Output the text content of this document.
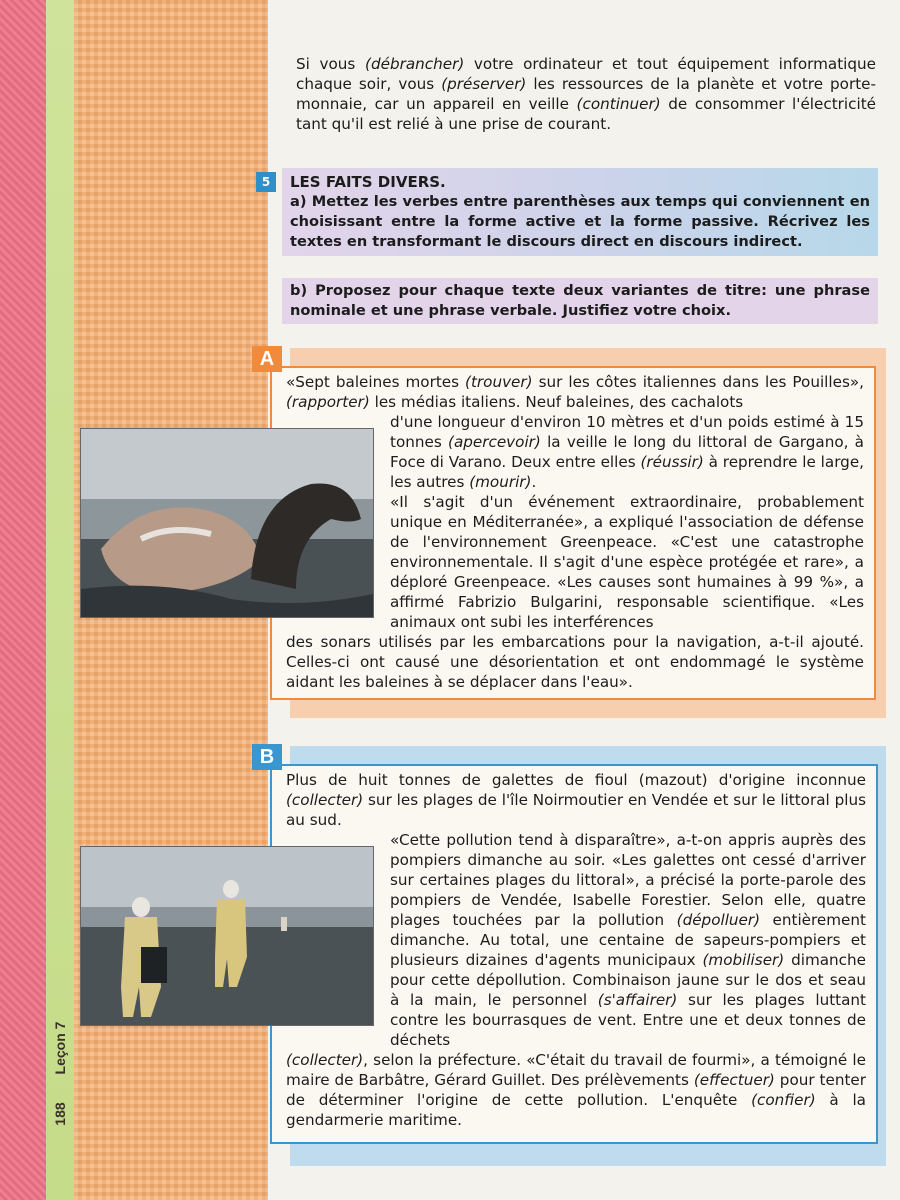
Leçon 7
188

Si vous (débrancher) votre ordinateur et tout équipement informatique chaque soir, vous (préserver) les ressources de la planète et votre porte-monnaie, car un appareil en veille (continuer) de consommer l'électricité tant qu'il est relié à une prise de courant.

5	LES FAITS DIVERS.
a) Mettez les verbes entre parenthèses aux temps qui conviennent en choisissant entre la forme active et la forme passive. Récrivez les textes en transformant le discours direct en discours indirect.
b) Proposez pour chaque texte deux variantes de titre: une phrase nominale et une phrase verbale. Justifiez votre choix.
«Sept baleines mortes (trouver) sur les côtes italiennes dans les Pouilles», (rapporter) les médias italiens. Neuf baleines, des cachalots
d'une longueur d'environ 10 mètres et d'un poids estimé à 15 tonnes (apercevoir) la veille le long du littoral de Gargano, à Foce di Varano. Deux entre elles (réussir) à reprendre le large, les autres (mourir).
«Il s'agit d'un événement extraordinaire, probablement unique en Méditerranée», a expliqué l'association de défense de l'environnement Greenpeace. «C'est une catastrophe environnementale. Il s'agit d'une espèce protégée et rare», a déploré Greenpeace. «Les causes sont humaines à 99 %», a affirmé Fabrizio Bulgarini, responsable scientifique. «Les animaux ont subi les interférences
des sonars utilisés par les embarcations pour la navigation, a-t-il ajouté. Celles-ci ont causé une désorientation et ont endommagé le système aidant les baleines à se déplacer dans l'eau».
A
Plus de huit tonnes de galettes de fioul (mazout) d'origine inconnue (collecter) sur les plages de l'île Noirmoutier en Vendée et sur le littoral plus au sud.
«Cette pollution tend à disparaître», a-t-on appris auprès des pompiers dimanche au soir. «Les galettes ont cessé d'arriver sur certaines plages du littoral», a précisé la porte-parole des pompiers de Vendée, Isabelle Forestier. Selon elle, quatre plages touchées par la pollution (dépolluer) entièrement dimanche. Au total, une centaine de sapeurs-pompiers et plusieurs dizaines d'agents municipaux (mobiliser) dimanche pour cette dépollution. Combinaison jaune sur le dos et seau à la main, le personnel (s'affairer) sur les plages luttant contre les bourrasques de vent. Entre une et deux tonnes de déchets
(collecter), selon la préfecture. «C'était du travail de fourmi», a témoigné le maire de Barbâtre, Gérard Guillet. Des prélèvements (effectuer) pour tenter de déterminer l'origine de cette pollution. L'enquête (confier) à la gendarmerie maritime.
B
